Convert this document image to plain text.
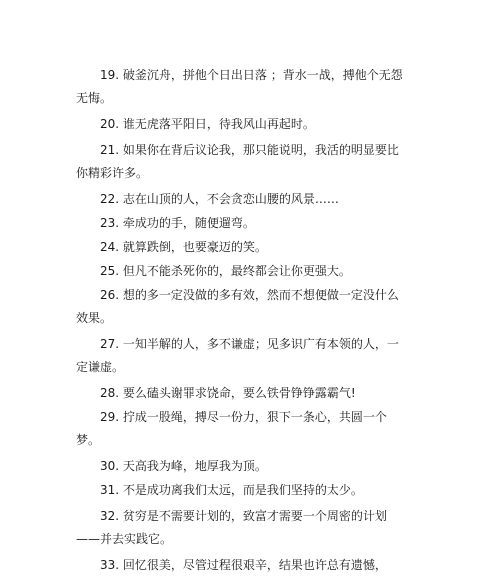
19. 破釜沉舟，拼他个日出日落 ；背水一战，搏他个无怨无悔。
20. 谁无虎落平阳日，待我风山再起时。
21. 如果你在背后议论我，那只能说明，我活的明显要比你精彩许多。
22. 志在山顶的人，不会贪恋山腰的风景……
23. 牵成功的手，随便遛弯。
24. 就算跌倒，也要豪迈的笑。
25. 但凡不能杀死你的，最终都会让你更强大。
26. 想的多一定没做的多有效，然而不想便做一定没什么效果。
27. 一知半解的人，多不谦虚；见多识广有本领的人，一定谦虚。
28. 要么磕头谢罪求饶命，要么铁骨铮铮露霸气!
29. 拧成一股绳，搏尽一份力，狠下一条心，共圆一个梦。
30. 天高我为峰，地厚我为顶。
31. 不是成功离我们太远，而是我们坚持的太少。
32. 贫穷是不需要计划的，致富才需要一个周密的计划——并去实践它。
33. 回忆很美，尽管过程很艰辛，结果也许总有遗憾，
